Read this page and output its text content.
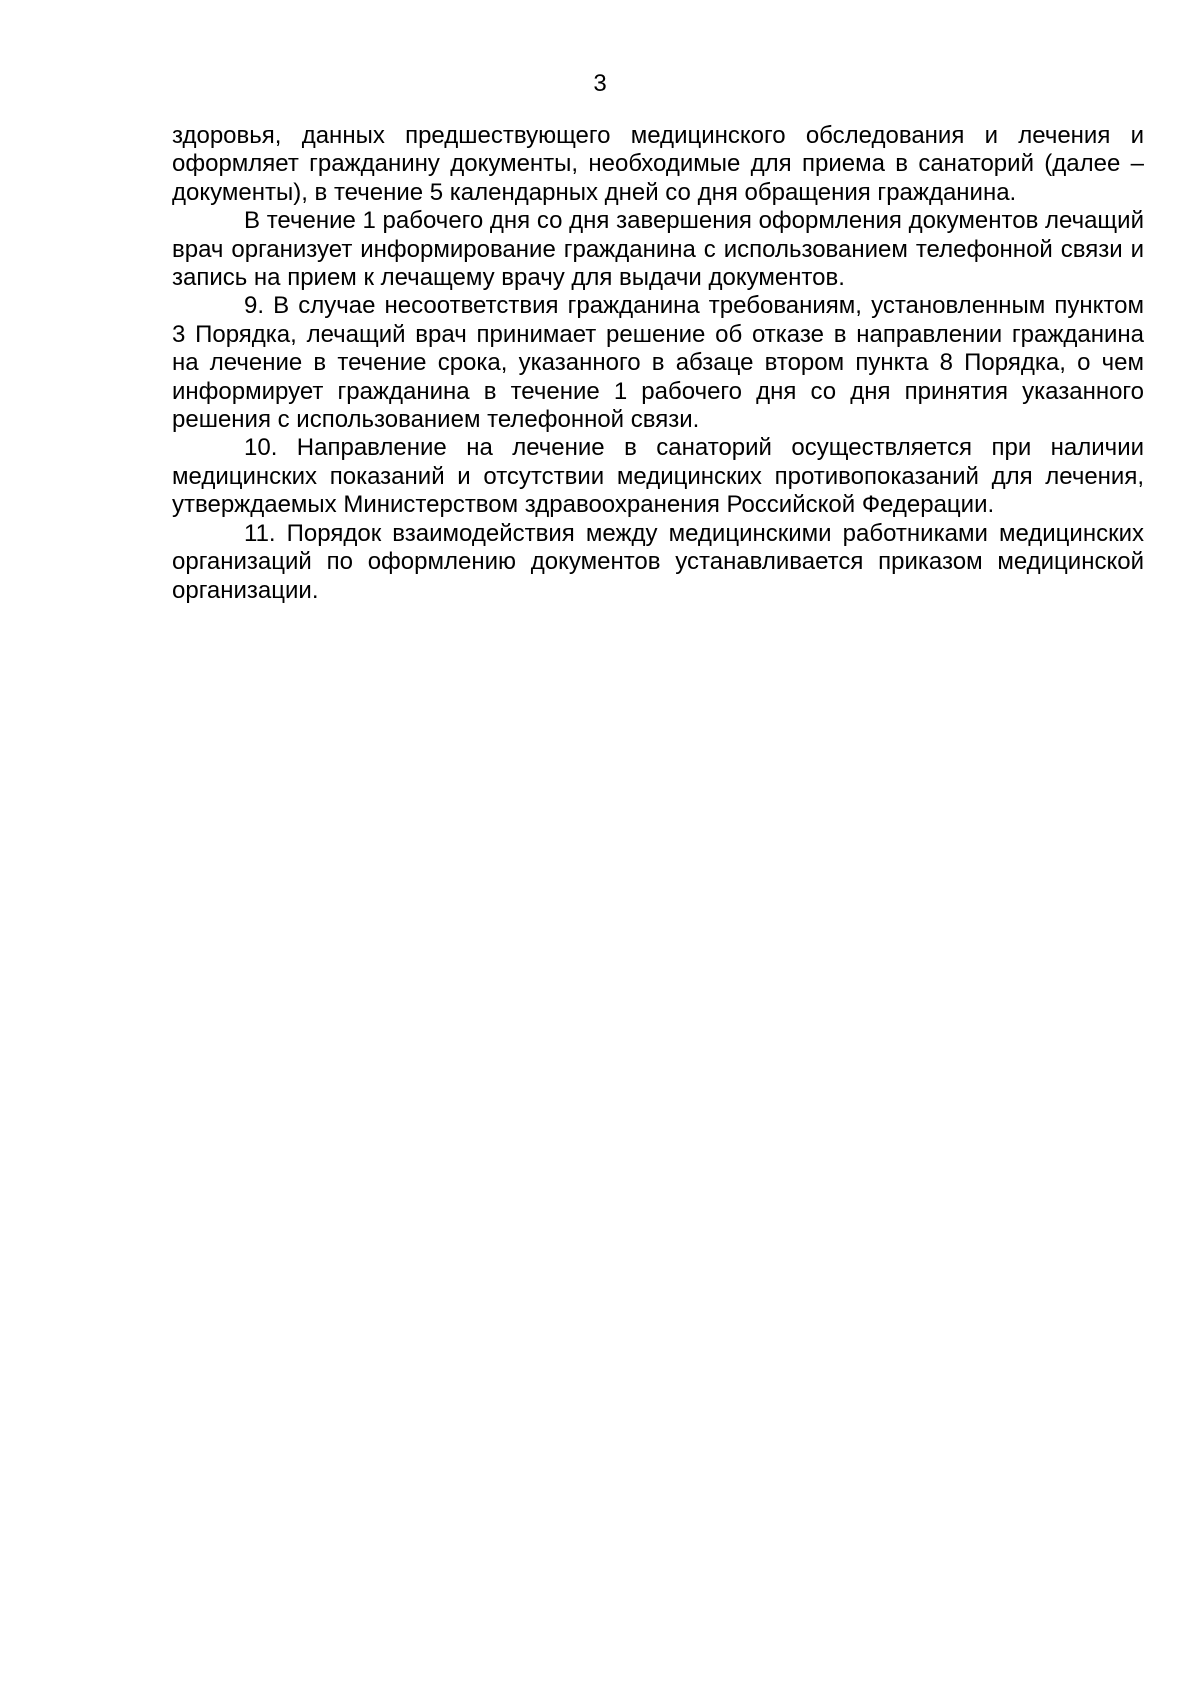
3

здоровья, данных предшествующего медицинского обследования и лечения и оформляет гражданину документы, необходимые для приема в санаторий (далее – документы), в течение 5 календарных дней со дня обращения гражданина.

В течение 1 рабочего дня со дня завершения оформления документов лечащий врач организует информирование гражданина с использованием телефонной связи и запись на прием к лечащему врачу для выдачи документов.

9. В случае несоответствия гражданина требованиям, установленным пунктом 3 Порядка, лечащий врач принимает решение об отказе в направлении гражданина на лечение в течение срока, указанного в абзаце втором пункта 8 Порядка, о чем информирует гражданина в течение 1 рабочего дня со дня принятия указанного решения с использованием телефонной связи.

10. Направление на лечение в санаторий осуществляется при наличии медицинских показаний и отсутствии медицинских противопоказаний для лечения, утверждаемых Министерством здравоохранения Российской Федерации.

11. Порядок взаимодействия между медицинскими работниками медицинских организаций по оформлению документов устанавливается приказом медицинской организации.
